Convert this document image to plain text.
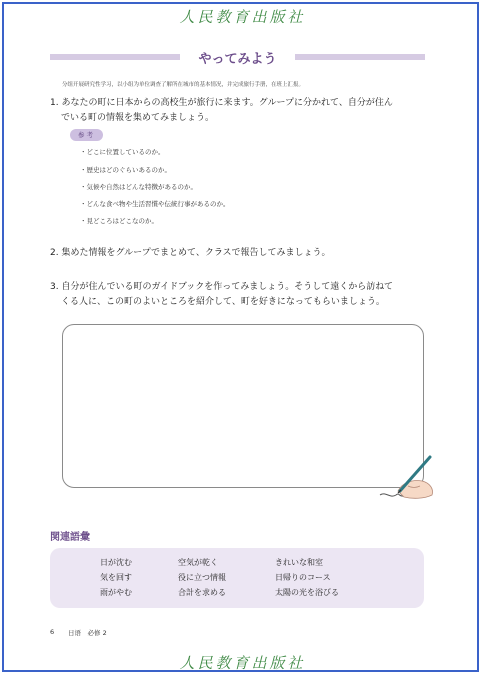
人民教育出版社
やってみよう
分组开展研究性学习，以小组为单位调查了解所在城市的基本情况，并完成旅行手册，在班上汇报。
1. あなたの町に日本からの高校生が旅行に来ます。グループに分かれて、自分が住ん
でいる町の情報を集めてみましょう。
参考
・どこに位置しているのか。
・歴史はどのぐらいあるのか。
・気候や自然はどんな特徴があるのか。
・どんな食べ物や生活習慣や伝統行事があるのか。
・見どころはどこなのか。
2. 集めた情報をグループでまとめて、クラスで報告してみましょう。
3. 自分が住んでいる町のガイドブックを作ってみましょう。そうして遠くから訪ねて
くる人に、この町のよいところを紹介して、町を好きになってもらいましょう。
関連語彙
日が沈む	空気が乾く	きれいな和室
気を回す	役に立つ情報	日帰りのコース
雨がやむ	合計を求める	太陽の光を浴びる
6 日语　必修 2
人民教育出版社
